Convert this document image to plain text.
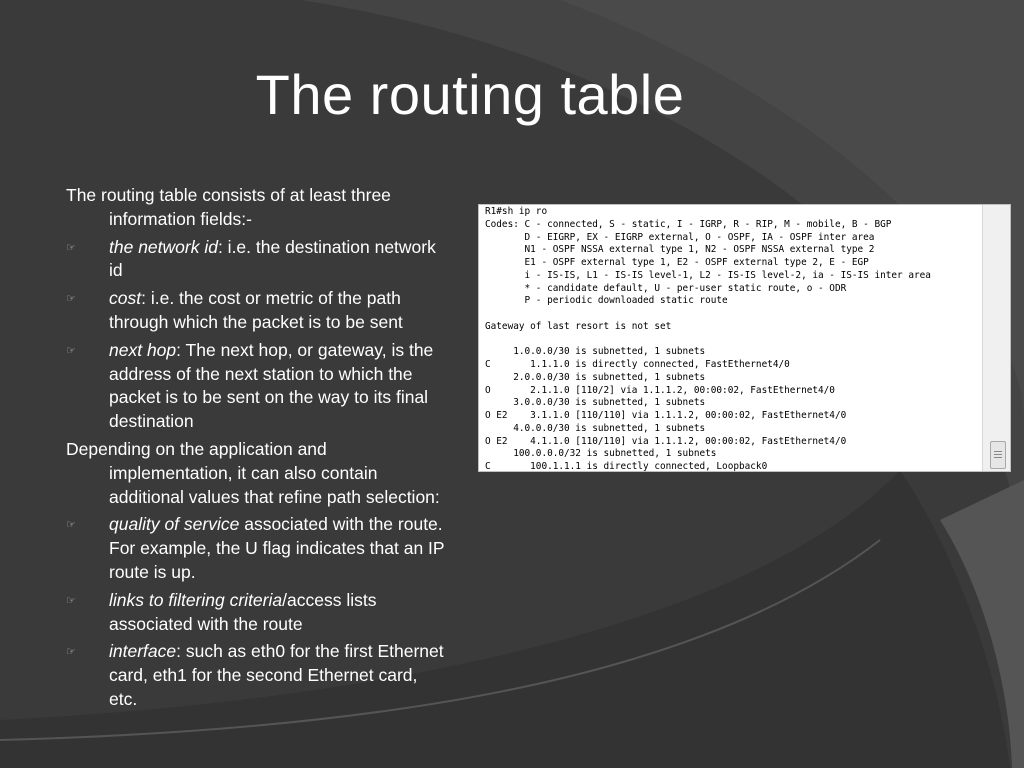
The routing table

The routing table consists of at least three information fields:-

☞ the network id: i.e. the destination network id

☞ cost: i.e. the cost or metric of the path through which the packet is to be sent

☞ next hop: The next hop, or gateway, is the address of the next station to which the packet is to be sent on the way to its final destination

Depending on the application and implementation, it can also contain additional values that refine path selection:

☞ quality of service associated with the route. For example, the U flag indicates that an IP route is up.

☞ links to filtering criteria/access lists associated with the route

☞ interface: such as eth0 for the first Ethernet card, eth1 for the second Ethernet card, etc.

R1#sh ip ro
Codes: C - connected, S - static, I - IGRP, R - RIP, M - mobile, B - BGP
D - EIGRP, EX - EIGRP external, O - OSPF, IA - OSPF inter area
N1 - OSPF NSSA external type 1, N2 - OSPF NSSA external type 2
E1 - OSPF external type 1, E2 - OSPF external type 2, E - EGP
i - IS-IS, L1 - IS-IS level-1, L2 - IS-IS level-2, ia - IS-IS inter area
* - candidate default, U - per-user static route, o - ODR
P - periodic downloaded static route

Gateway of last resort is not set

1.0.0.0/30 is subnetted, 1 subnets
C       1.1.1.0 is directly connected, FastEthernet4/0
2.0.0.0/30 is subnetted, 1 subnets
O       2.1.1.0 [110/2] via 1.1.1.2, 00:00:02, FastEthernet4/0
3.0.0.0/30 is subnetted, 1 subnets
O E2    3.1.1.0 [110/110] via 1.1.1.2, 00:00:02, FastEthernet4/0
4.0.0.0/30 is subnetted, 1 subnets
O E2    4.1.1.0 [110/110] via 1.1.1.2, 00:00:02, FastEthernet4/0
100.0.0.0/32 is subnetted, 1 subnets
C       100.1.1.1 is directly connected, Loopback0
